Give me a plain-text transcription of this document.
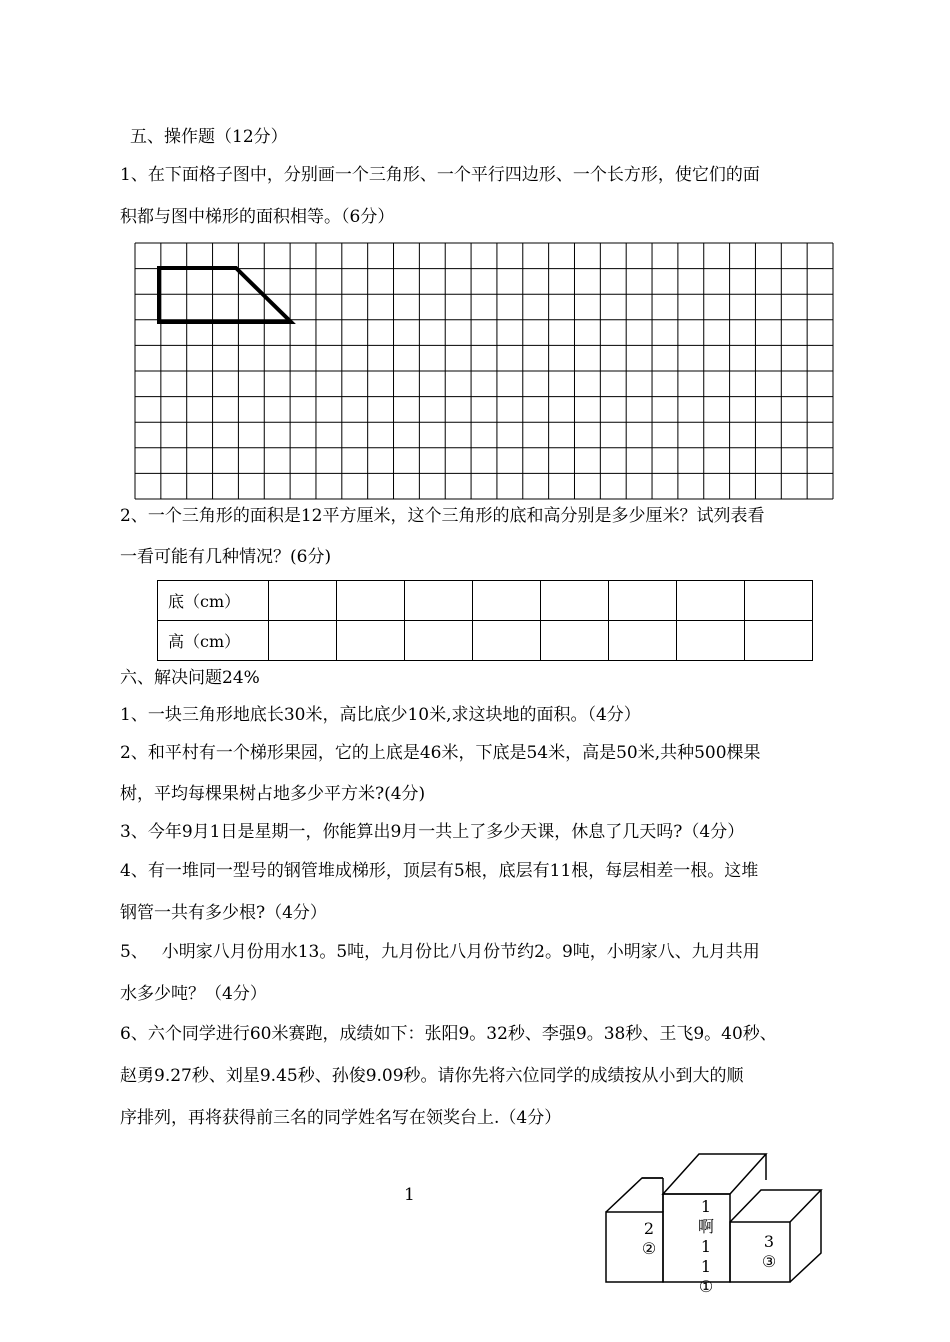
五、操作题（12分）
1、在下面格子图中，分别画一个三角形、一个平行四边形、一个长方形，使它们的面
积都与图中梯形的面积相等。（6分）
2、一个三角形的面积是12平方厘米，这个三角形的底和高分别是多少厘米？试列表看
一看可能有几种情况？(6分)
底（cm）								
高（cm）								
六、解决问题24%
1、一块三角形地底长30米，高比底少10米,求这块地的面积。（4分）
2、和平村有一个梯形果园，它的上底是46米，下底是54米，高是50米,共种500棵果
树，平均每棵果树占地多少平方米?(4分)
3、今年9月1日是星期一，你能算出9月一共上了多少天课，休息了几天吗?（4分）
4、有一堆同一型号的钢管堆成梯形，顶层有5根，底层有11根，每层相差一根。这堆
钢管一共有多少根?（4分）
5、　 小明家八月份用水13。5吨，九月份比八月份节约2。9吨，小明家八、九月共用
水多少吨？（4分）
6、六个同学进行60米赛跑，成绩如下：张阳9。32秒、李强9。38秒、王飞9。40秒、
赵勇9.27秒、刘星9.45秒、孙俊9.09秒。请你先将六位同学的成绩按从小到大的顺
序排列，再将获得前三名的同学姓名写在领奖台上.（4分）
1
2
②
1
啊
1
1
①
3
③
